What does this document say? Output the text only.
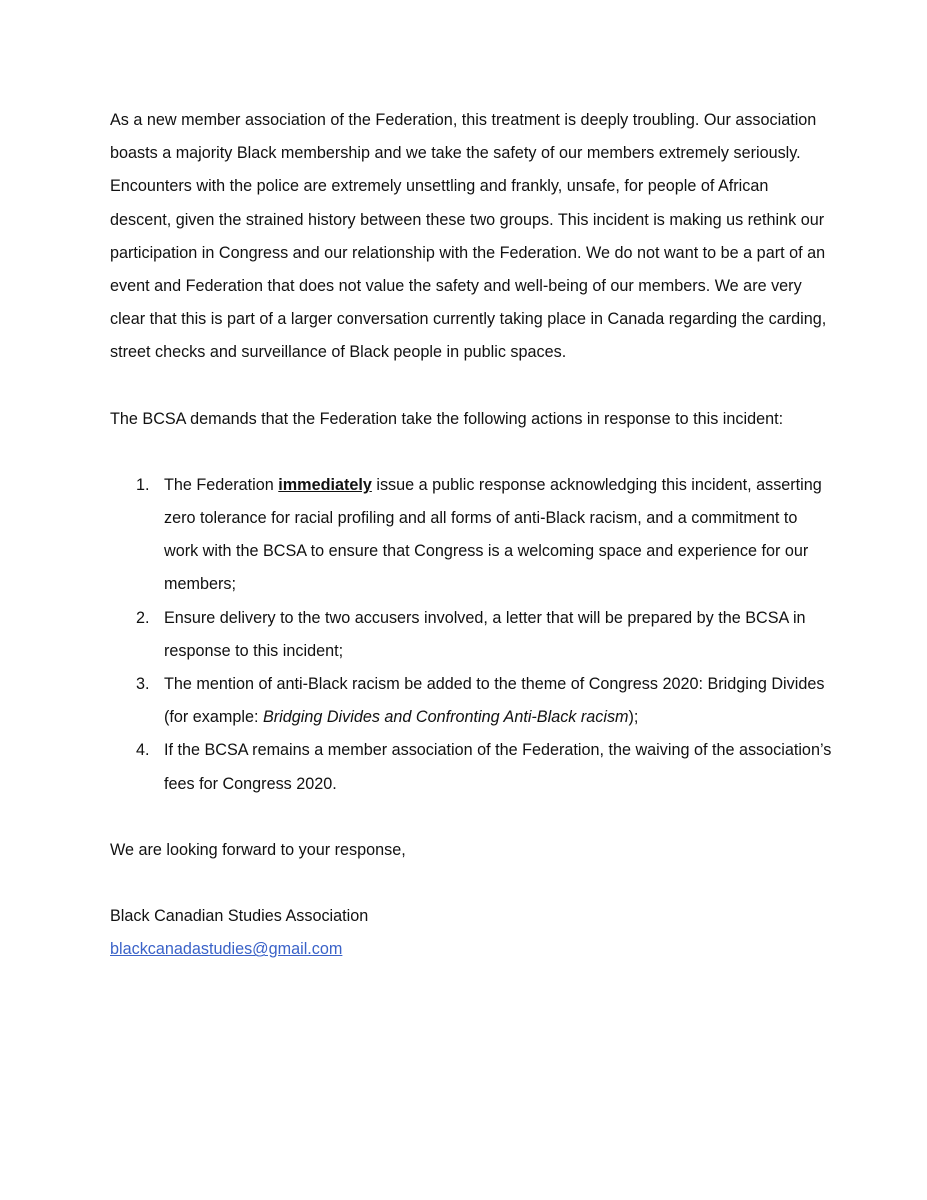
As a new member association of the Federation, this treatment is deeply troubling. Our association boasts a majority Black membership and we take the safety of our members extremely seriously. Encounters with the police are extremely unsettling and frankly, unsafe, for people of African descent, given the strained history between these two groups. This incident is making us rethink our participation in Congress and our relationship with the Federation. We do not want to be a part of an event and Federation that does not value the safety and well-being of our members. We are very clear that this is part of a larger conversation currently taking place in Canada regarding the carding, street checks and surveillance of Black people in public spaces.

The BCSA demands that the Federation take the following actions in response to this incident:

1. The Federation immediately issue a public response acknowledging this incident, asserting zero tolerance for racial profiling and all forms of anti-Black racism, and a commitment to work with the BCSA to ensure that Congress is a welcoming space and experience for our members;
2. Ensure delivery to the two accusers involved, a letter that will be prepared by the BCSA in response to this incident;
3. The mention of anti-Black racism be added to the theme of Congress 2020: Bridging Divides (for example: Bridging Divides and Confronting Anti-Black racism);
4. If the BCSA remains a member association of the Federation, the waiving of the association’s fees for Congress 2020.

We are looking forward to your response,

Black Canadian Studies Association

blackcanadastudies@gmail.com
